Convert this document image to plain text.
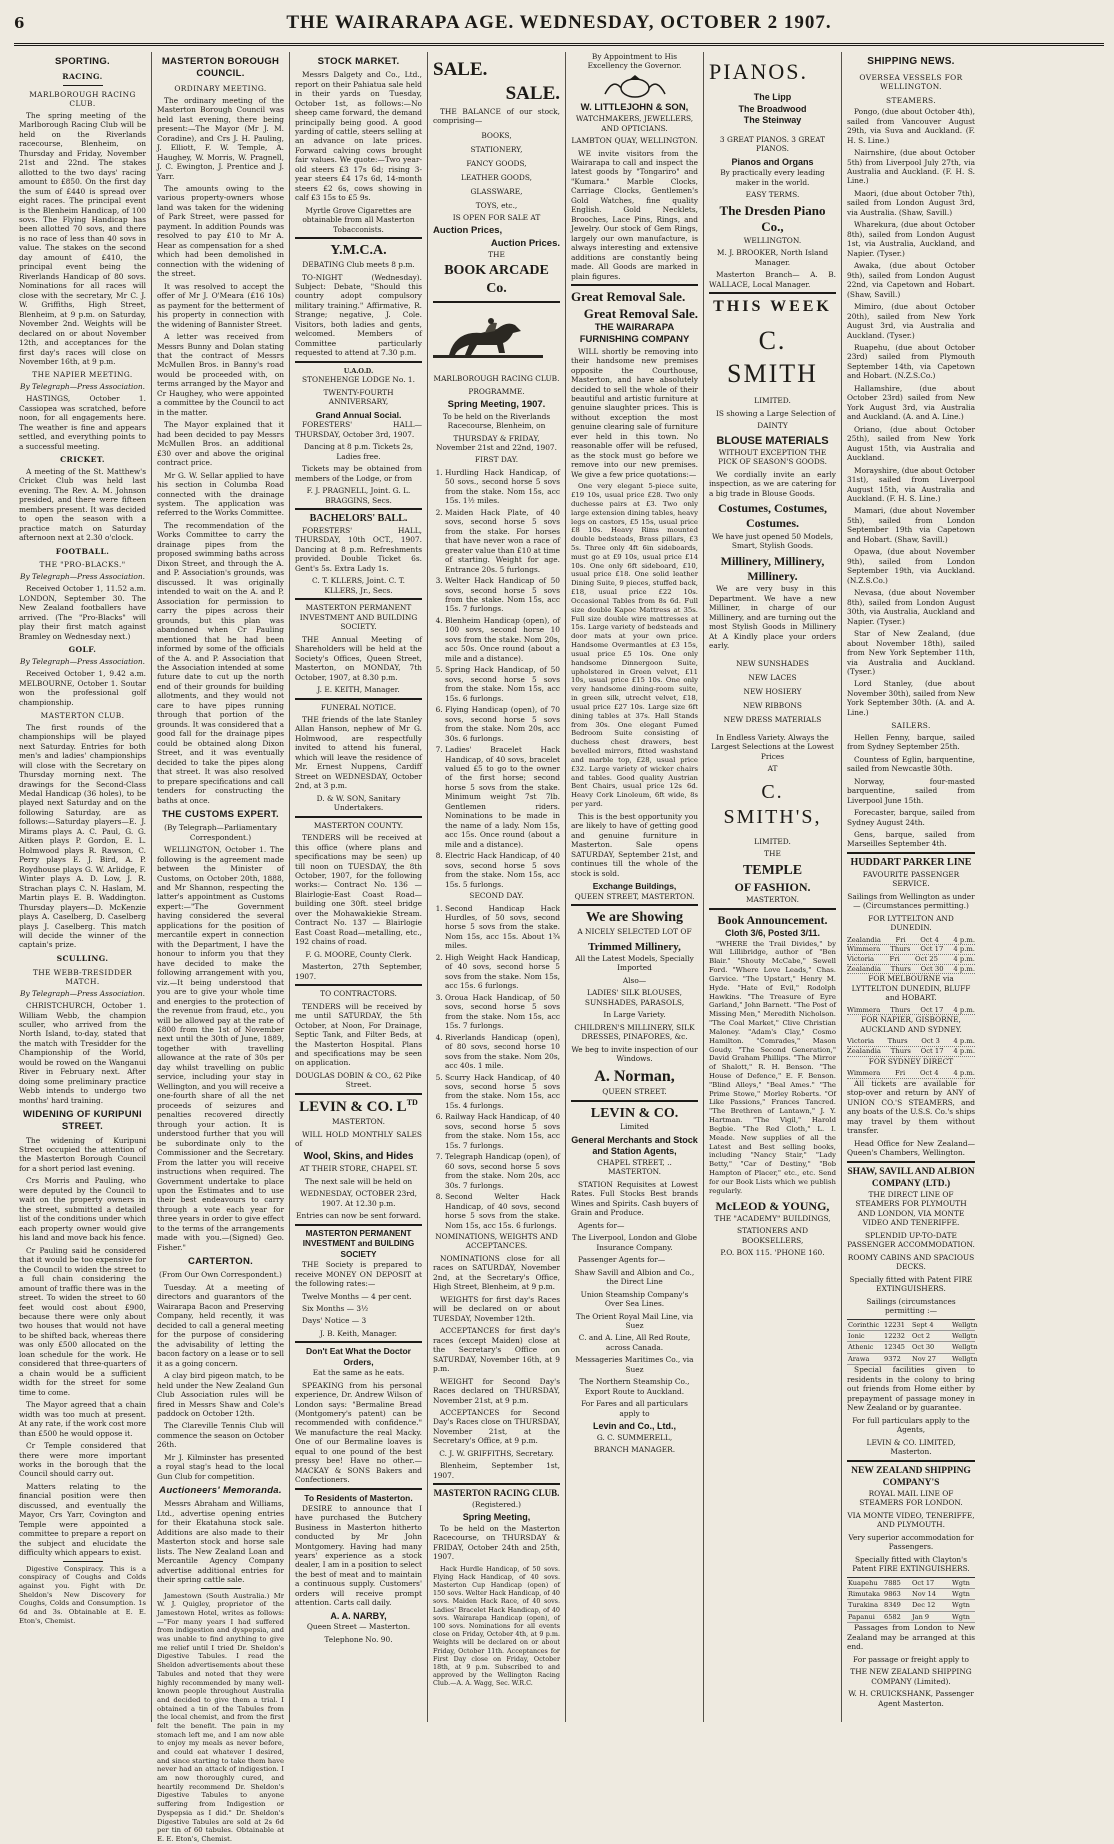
6	THE WAIRARAPA AGE. WEDNESDAY, OCTOBER 2 1907.
SPORTING.
RACING.
MARLBOROUGH RACING CLUB.

The spring meeting of the Marlborough Racing Club will be held on the Riverlands racecourse, Blenheim, on Thursday and Friday, November 21st and 22nd. The stakes allotted to the two days' racing amount to £850. On the first day the sum of £440 is spread over eight races. The principal event is the Blenheim Handicap, of 100 sovs. The Flying Handicap has been allotted 70 sovs, and there is no race of less than 40 sovs in value. The stakes on the second day amount of £410, the principal event being the Riverlands Handicap of 80 sovs. Nominations for all races will close with the secretary, Mr C. J. W. Griffiths, High Street, Blenheim, at 9 p.m. on Saturday, November 2nd. Weights will be declared on or about November 12th, and acceptances for the first day's races will close on November 16th, at 9 p.m.

THE NAPIER MEETING.

By Telegraph—Press Association.

HASTINGS, October 1. Cassiopea was scratched, before noon, for all engagements here. The weather is fine and appears settled, and everything points to a successful meeting.

CRICKET.

A meeting of the St. Matthew's Cricket Club was held last evening. The Rev. A. M. Johnson presided, and there were fifteen members present. It was decided to open the season with a practice match on Saturday afternoon next at 2.30 o'clock.

FOOTBALL.
THE "PRO-BLACKS."

By Telegraph—Press Association.

Received October 1, 11.52 a.m. LONDON, September 30. The New Zealand footballers have arrived. (The "Pro-Blacks" will play their first match against Bramley on Wednesday next.)

GOLF.

By Telegraph—Press Association.

Received October 1, 9.42 a.m. MELBOURNE, October 1. Soutar won the professional golf championship.

MASTERTON CLUB.

The first rounds of the championships will be played next Saturday. Entries for both men's and ladies' championships will close with the Secretary on Thursday morning next. The drawings for the Second-Class Medal Handicap (36 holes), to be played next Saturday and on the following Saturday, are as follows:—Saturday players—E. J. Mirams plays A. C. Paul, G. G. Aitken plays P. Gordon, E. L. Holmwood plays R. Rawson, C. Perry plays E. J. Bird, A. P. Roydhouse plays G. W. Arlidge, F. Winter plays A. D. Low, J. R. Strachan plays C. N. Haslam, M. Martin plays E. B. Waddington. Thursday players—D. McKenzie plays A. Caselberg, D. Caselberg plays J. Caselberg. This match will decide the winner of the captain's prize.

SCULLING.
THE WEBB-TRESIDDER MATCH.

By Telegraph—Press Association.

CHRISTCHURCH, October 1. William Webb, the champion sculler, who arrived from the North Island, to-day, stated that the match with Tresidder for the Championship of the World, would be rowed on the Wanganui River in February next. After doing some preliminary practice Webb intends to undergo two months' hard training.

WIDENING OF KURIPUNI STREET.

The widening of Kuripuni Street occupied the attention of the Masterton Borough Council for a short period last evening.

Crs Morris and Pauling, who were deputed by the Council to wait on the property owners in the street, submitted a detailed list of the conditions under which each property owner would give his land and move back his fence.

Cr Pauling said he considered that it would be too expensive for the Council to widen the street to a full chain considering the amount of traffic there was in the street. To widen the street to 60 feet would cost about £900, because there were only about two houses that would not have to be shifted back, whereas there was only £500 allocated on the loan schedule for the work. He considered that three-quarters of a chain would be a sufficient width for the street for some time to come.

The Mayor agreed that a chain width was too much at present. At any rate, if the work cost more than £500 he would oppose it.

Cr Temple considered that there were more important works in the borough that the Council should carry out.

Matters relating to the financial position were then discussed, and eventually the Mayor, Crs Yarr, Covington and Temple were appointed a committee to prepare a report on the subject and elucidate the difficulty which appears to exist.

Digestive Conspiracy. This is a conspiracy of Coughs and Colds against you. Fight with Dr. Sheldon's New Discovery for Coughs, Colds and Consumption. 1s 6d and 3s. Obtainable at E. E. Eton's, Chemist.

MASTERTON BOROUGH COUNCIL.
ORDINARY MEETING.

The ordinary meeting of the Masterton Borough Council was held last evening, there being present:—The Mayor (Mr J. M. Coradine), and Crs J. H. Pauling, J. Elliott, F. W. Temple, A. Haughey, W. Morris, W. Pragnell, J. C. Ewington, J. Prentice and J. Yarr.

The amounts owing to the various property-owners whose land was taken for the widening of Park Street, were passed for payment. In addition Pounds was resolved to pay £10 to Mr A. Hear as compensation for a shed which had been demolished in connection with the widening of the street.

It was resolved to accept the offer of Mr J. O'Meara (£16 10s) as payment for the betterment of his property in connection with the widening of Bannister Street.

A letter was received from Messrs Bunny and Dolan stating that the contract of Messrs McMullen Bros. in Banny's road would be proceeded with, on terms arranged by the Mayor and Cr Haughey, who were appointed a committee by the Council to act in the matter.

The Mayor explained that it had been decided to pay Messrs McMullen Bros. an additional £30 over and above the original contract price.

Mr G. W. Sellar applied to have his section in Columba Road connected with the drainage system. The application was referred to the Works Committee.

The recommendation of the Works Committee to carry the drainage pipes from the proposed swimming baths across Dixon Street, and through the A. and P. Association's grounds, was discussed. It was originally intended to wait on the A. and P. Association for permission to carry the pipes across their grounds, but this plan was abandoned when Cr Pauling mentioned that he had been informed by some of the officials of the A. and P. Association that the Association intended at some future date to cut up the north end of their grounds for building allotments, and they would not care to have pipes running through that portion of the grounds. It was considered that a good fall for the drainage pipes could be obtained along Dixon Street, and it was eventually decided to take the pipes along that street. It was also resolved to prepare specifications and call tenders for constructing the baths at once.

THE CUSTOMS EXPERT.

(By Telegraph—Parliamentary Correspondent.)

WELLINGTON, October 1. The following is the agreement made between the Minister of Customs, on October 20th, 1888, and Mr Shannon, respecting the latter's appointment as Customs expert:—"The Government having considered the several applications for the position of mercantile expert in connection with the Department, I have the honour to inform you that they have decided to make the following arrangement with you, viz.—It being understood that you are to give your whole time and energies to the protection of the revenue from fraud, etc., you will be allowed pay at the rate of £800 from the 1st of November next until the 30th of June, 1889, together with travelling allowance at the rate of 30s per day whilst travelling on public service, including your stay in Wellington, and you will receive a one-fourth share of all the net proceeds of seizures and penalties recovered directly through your action. It is understood further that you will be subordinate only to the Commissioner and the Secretary. From the latter you will receive instructions when required. The Government undertake to place upon the Estimates and to use their best endeavours to carry through a vote each year for three years in order to give effect to the terms of the arrangements made with you.—(Signed) Geo. Fisher."

CARTERTON.

(From Our Own Correspondent.)

Tuesday. At a meeting of directors and guarantors of the Wairarapa Bacon and Preserving Company, held recently, it was decided to call a general meeting for the purpose of considering the advisability of letting the bacon factory on a lease or to sell it as a going concern.

A clay bird pigeon match, to be held under the New Zealand Gun Club Association rules will be fired in Messrs Shaw and Cole's paddock on October 12th.

The Clareville Tennis Club will commence the season on October 26th.

Mr J. Kilminster has presented a royal stag's head to the local Gun Club for competition.

Auctioneers' Memoranda.

Messrs Abraham and Williams, Ltd., advertise opening entries for their Ekatahuna stock sale. Additions are also made to their Masterton stock and horse sale lists. The New Zealand Loan and Mercantile Agency Company advertise additional entries for their spring cattle sale.

Jamestown (South Australia.) Mr W. J. Quigley, proprietor of the Jamestown Hotel, writes as follows:—"For many years I had suffered from indigestion and dyspepsia, and was unable to find anything to give me relief until I tried Dr. Sheldon's Digestive Tabules. I read the Sheldon advertisements about these Tabules and noted that they were highly recommended by many well-known people throughout Australia and decided to give them a trial. I obtained a tin of the Tabules from the local chemist, and from the first felt the benefit. The pain in my stomach left me, and I am now able to enjoy my meals as never before, and could eat whatever I desired, and since starting to take them have never had an attack of indigestion. I am now thoroughly cured, and heartily recommend Dr. Sheldon's Digestive Tabules to anyone suffering from Indigestion or Dyspepsia as I did." Dr. Sheldon's Digestive Tabules are sold at 2s 6d per tin of 60 tabules. Obtainable at E. E. Eton's, Chemist.

STOCK MARKET.

Messrs Dalgety and Co., Ltd., report on their Pahiatua sale held in their yards on Tuesday, October 1st, as follows:—No sheep came forward, the demand principally being good. A good yarding of cattle, steers selling at an advance on late prices. Forward calving cows brought fair values. We quote:—Two year-old steers £3 17s 6d; rising 3-year steers £4 17s 6d, 14-month steers £2 6s, cows showing in calf £3 15s to £5 9s.

Myrtle Grove Cigarettes are obtainable from all Masterton Tobacconists.

Y.M.C.A.

DEBATING Club meets 8 p.m.

TO-NIGHT (Wednesday). Subject: Debate, "Should this country adopt compulsory military training." Affirmative, R. Strange; negative, J. Cole. Visitors, both ladies and gents, welcomed. Members of Committee particularly requested to attend at 7.30 p.m.

U.A.O.D.

STONEHENGE LODGE No. 1.

TWENTY-FOURTH ANNIVERSARY,

Grand Annual Social.

FORESTERS' HALL—THURSDAY, October 3rd, 1907.

Dancing at 8 p.m. Tickets 2s, Ladies free.

Tickets may be obtained from members of the Lodge, or from

F. J. PRAGNELL, Joint. G. L. BRAGGINS, Secs.

BACHELORS' BALL.

FORESTERS' HALL, THURSDAY, 10th OCT., 1907. Dancing at 8 p.m. Refreshments provided. Double Ticket 6s. Gent's 5s. Extra Lady 1s.

C. T. KLLERS, Joint. C. T. KLLERS, Jr., Secs.

MASTERTON PERMANENT INVESTMENT AND BUILDING SOCIETY.

THE Annual Meeting of Shareholders will be held at the Society's Offices, Queen Street, Masterton, on MONDAY, 7th October, 1907, at 8.30 p.m.

J. E. KEITH, Manager.

FUNERAL NOTICE.

THE friends of the late Stanley Allan Hanson, nephew of Mr G. Holmwood, are respectfully invited to attend his funeral, which will leave the residence of Mr. Ernest Nuppens, Cardiff Street on WEDNESDAY, October 2nd, at 3 p.m.

D. & W. SON, Sanitary Undertakers.

MASTERTON COUNTY.

TENDERS will be received at this office (where plans and specifications may be seen) up till noon on TUESDAY, the 8th October, 1907, for the following works:— Contract No. 136 — Blairlogie-East Coast Road—building one 30ft. steel bridge over the Mohawakiekie Stream. Contract No. 137 — Blairlogie East Coast Road—metalling, etc., 192 chains of road.

F. G. MOORE, County Clerk.

Masterton, 27th September, 1907.

TO CONTRACTORS.

TENDERS will be received by me until SATURDAY, the 5th October, at Noon, For Drainage, Septic Tank, and Filter Beds, at the Masterton Hospital. Plans and specifications may be seen on application.

DOUGLAS DOBIN & CO., 62 Pike Street.

LEVIN & CO. $L^{TD}$

MASTERTON.

WILL HOLD MONTHLY SALES of

Wool, Skins, and Hides

AT THEIR STORE, CHAPEL ST.

The next sale will be held on

WEDNESDAY, OCTOBER 23rd, 1907. At 12.30 p.m.

Entries can now be sent forward.

MASTERTON PERMANENT INVESTMENT and BUILDING SOCIETY

THE Society is prepared to receive MONEY ON DEPOSIT at the following rates:—

Twelve Months — 4 per cent.

Six Months — 3½

Days' Notice — 3

J. B. Keith, Manager.

Don't Eat What the Doctor Orders,

Eat the same as he eats.

SPEAKING from his personal experience, Dr. Andrew Wilson of London says: "Bermaline Bread (Montgomery's patent) can be recommended with confidence." We manufacture the real Macky. One of our Bermaline loaves is equal to one pound of the best pressy bee! Have no other.—MACKAY & SONS Bakers and Confectioners.

To Residents of Masterton.

DESIRE to announce that I have purchased the Butchery Business in Masterton hitherto conducted by Mr John Montgomery. Having had many years' experience as a stock dealer, I am in a position to select the best of meat and to maintain a continuous supply. Customers' orders will receive prompt attention. Carts call daily.

A. A. NARBY,

Queen Street — Masterton.

Telephone No. 90.

SALE.
SALE.

THE BALANCE of our stock, comprising—

BOOKS,
STATIONERY,
FANCY GOODS,
LEATHER GOODS,
GLASSWARE,
TOYS, etc.,

IS OPEN FOR SALE AT

Auction Prices,
Auction Prices.

THE

BOOK ARCADE Co.

MARLBOROUGH RACING CLUB.

PROGRAMME.

Spring Meeting, 1907.

To be held on the Riverlands Racecourse, Blenheim, on

THURSDAY & FRIDAY, November 21st and 22nd, 1907.

FIRST DAY.

1. Hurdling Hack Handicap, of 50 sovs., second horse 5 sovs from the stake. Nom 15s, acc 15s. 1½ miles.
2. Maiden Hack Plate, of 40 sovs, second horse 5 sovs from the stake. For horses that have never won a race of greater value than £10 at time of starting. Weight for age. Entrance 20s. 5 furlongs.
3. Welter Hack Handicap of 50 sovs, second horse 5 sovs from the stake. Nom 15s, acc 15s. 7 furlongs.
4. Blenheim Handicap (open), of 100 sovs, second horse 10 sovs from the stake. Nom 20s, acc 50s. Once round (about a mile and a distance).
5. Spring Hack Handicap, of 50 sovs, second horse 5 sovs from the stake. Nom 15s, acc 15s. 6 furlongs.
6. Flying Handicap (open), of 70 sovs, second horse 5 sovs from the stake. Nom 20s, acc 30s. 6 furlongs.
7. Ladies' Bracelet Hack Handicap, of 40 sovs, bracelet valued £5 to go to the owner of the first horse; second horse 5 sovs from the stake. Minimum weight 7st 7lb. Gentlemen riders. Nominations to be made in the name of a lady. Nom 15s, acc 15s. Once round (about a mile and a distance).
8. Electric Hack Handicap, of 40 sovs, second horse 5 sovs from the stake. Nom 15s, acc 15s. 5 furlongs.

SECOND DAY.

1. Second Handicap Hack Hurdles, of 50 sovs, second horse 5 sovs from the stake. Nom 15s, acc 15s. About 1¾ miles.
2. High Weight Hack Handicap, of 40 sovs, second horse 5 sovs from the stake. Nom 15s, acc 15s. 6 furlongs.
3. Oroua Hack Handicap, of 50 sovs, second horse 5 sovs from the stake. Nom 15s, acc 15s. 7 furlongs.
4. Riverlands Handicap (open), of 80 sovs, second horse 10 sovs from the stake. Nom 20s, acc 40s. 1 mile.
5. Scurry Hack Handicap, of 40 sovs, second horse 5 sovs from the stake. Nom 15s, acc 15s. 4 furlongs.
6. Railway Hack Handicap, of 40 sovs, second horse 5 sovs from the stake. Nom 15s, acc 15s. 7 furlongs.
7. Telegraph Handicap (open), of 60 sovs, second horse 5 sovs from the stake. Nom 20s, acc 30s. 7 furlongs.
8. Second Welter Hack Handicap, of 40 sovs, second horse 5 sovs from the stake. Nom 15s, acc 15s. 6 furlongs.

NOMINATIONS, WEIGHTS AND ACCEPTANCES.

NOMINATIONS close for all races on SATURDAY, November 2nd, at the Secretary's Office, High Street, Blenheim, at 9 p.m.

WEIGHTS for first day's Races will be declared on or about TUESDAY, November 12th.

ACCEPTANCES for first day's races (except Maiden) close at the Secretary's Office on SATURDAY, November 16th, at 9 p.m.

WEIGHT for Second Day's Races declared on THURSDAY, November 21st, at 9 p.m.

ACCEPTANCES for Second Day's Races close on THURSDAY, November 21st, at the Secretary's Office, at 9 p.m.

C. J. W. GRIFFITHS, Secretary.

Blenheim, September 1st, 1907.

MASTERTON RACING CLUB.

(Registered.)

Spring Meeting,

To be held on the Masterton Racecourse, on THURSDAY & FRIDAY, October 24th and 25th, 1907.

Hack Hurdle Handicap, of 50 sovs. Flying Hack Handicap, of 40 sovs. Masterton Cup Handicap (open) of 150 sovs. Welter Hack Handicap, of 40 sovs. Maiden Hack Race, of 40 sovs. Ladies' Bracelet Hack Handicap, of 40 sovs. Wairarapa Handicap (open), of 100 sovs. Nominations for all events close on Friday, October 4th, at 9 p.m. Weights will be declared on or about Friday, October 11th. Acceptances for First Day close on Friday, October 18th, at 9 p.m. Subscribed to and approved by the Wellington Racing Club.—A. A. Wagg, Sec. W.R.C.

By Appointment to His Excellency the Governor.

W. LITTLEJOHN & SON,

WATCHMAKERS, JEWELLERS, AND OPTICIANS.

LAMBTON QUAY, WELLINGTON.

WE invite visitors from the Wairarapa to call and inspect the latest goods by "Tongariro" and "Kumara." Marble Clocks, Carriage Clocks, Gentlemen's Gold Watches, fine quality English. Gold Necklets, Brooches, Lace Pins, Rings, and Jewelry. Our stock of Gem Rings, largely our own manufacture, is always interesting and extensive additions are constantly being made. All Goods are marked in plain figures.

Great Removal Sale.
Great Removal Sale.
THE WAIRARAPA FURNISHING COMPANY

WILL shortly be removing into their handsome new premises opposite the Courthouse, Masterton, and have absolutely decided to sell the whole of their beautiful and artistic furniture at genuine slaughter prices. This is without exception the most genuine clearing sale of furniture ever held in this town. No reasonable offer will be refused, as the stock must go before we remove into our new premises. We give a few price quotations:—

One very elegant 5-piece suite, £19 10s, usual price £28. Two only duchesse pairs at £3. Two only large extension dining tables, heavy legs on castors, £5 15s, usual price £8 10s. Heavy Rims mounted double bedsteads, Brass pillars, £3 5s. Three only 4ft 6in sideboards, must go at £9 10s, usual price £14 10s. One only 6ft sideboard, £10, usual price £18. One solid leather Dining Suite, 9 pieces, stuffed back, £18, usual price £22 10s. Occasional Tables from 8s 6d. Full size double Kapoc Mattress at 35s. Full size double wire mattresses at 15s. Large variety of bedsteads and door mats at your own price. Handsome Overmantles at £3 15s, usual price £5 10s. One only handsome Dinnergoon Suite, upholstered in Green velvet, £11 10s, usual price £15 10s. One only very handsome dining-room suite, in green silk, utrecht velvet, £18, usual price £27 10s. Large size 6ft dining tables at 37s. Hall Stands from 30s. One elegant Fumed Bedroom Suite consisting of duchess chest drawers, best bevelled mirrors, fitted washstand and marble top, £28, usual price £32. Large variety of wicker chairs and tables. Good quality Austrian Bent Chairs, usual price 12s 6d. Heavy Cork Linoleum, 6ft wide, 8s per yard.

This is the best opportunity you are likely to have of getting good and genuine furniture in Masterton. Sale opens SATURDAY, September 21st, and continues till the whole of the stock is sold.

Exchange Buildings,

QUEEN STREET, MASTERTON.

We are Showing

A NICELY SELECTED LOT OF

Trimmed Millinery,

All the Latest Models, Specially Imported

Also—

LADIES' SILK BLOUSES, SUNSHADES, PARASOLS,

In Large Variety.

CHILDREN'S MILLINERY, SILK DRESSES, PINAFORES, &c.

We beg to invite inspection of our Windows.

A. Norman,

QUEEN STREET.

LEVIN & CO.

Limited

General Merchants and Stock and Station Agents,

CHAPEL STREET, .. MASTERTON.

STATION Requisites at Lowest Rates. Full Stocks Best brands Wines and Spirits. Cash buyers of Grain and Produce.

Agents for—

The Liverpool, London and Globe Insurance Company.

Passenger Agents for—

Shaw Savill and Albion and Co., the Direct Line

Union Steamship Company's Over Sea Lines.

The Orient Royal Mail Line, via Suez

C. and A. Line, All Red Route, across Canada.

Messageries Maritimes Co., via Suez

The Northern Steamship Co., Export Route to Auckland.

For Fares and all particulars apply to

Levin and Co., Ltd.,

G. C. SUMMERELL,

BRANCH MANAGER.

PIANOS.
The Lipp
The Broadwood
The Steinway

3 GREAT PIANOS. 3 GREAT PIANOS.

Pianos and Organs

By practically every leading maker in the world.

EASY TERMS.

The Dresden Piano Co.,

WELLINGTON.

M. J. BROOKER, North Island Manager.

Masterton Branch— A. B. WALLACE, Local Manager.

THIS WEEK
C. SMITH

LIMITED.

IS showing a Large Selection of

DAINTY

BLOUSE MATERIALS

WITHOUT EXCEPTION THE PICK OF SEASON'S GOODS.

We cordially invite an early inspection, as we are catering for a big trade in Blouse Goods.

Costumes, Costumes, Costumes.

We have just opened 50 Models, Smart, Stylish Goods.

Millinery, Millinery, Millinery.

We are very busy in this Department. We have a new Milliner, in charge of our Millinery, and are turning out the most Stylish Goods in Millinery At A Kindly place your orders early.

NEW SUNSHADES
NEW LACES
NEW HOSIERY
NEW RIBBONS
NEW DRESS MATERIALS

In Endless Variety. Always the Largest Selections at the Lowest Prices

AT

C. SMITH'S,

LIMITED.

THE

TEMPLE
OF FASHION.

MASTERTON.

Book Announcement.
Cloth 3/6, Posted 3/11.

"WHERE the Trail Divides," by Will Lillibridge, author of "Ben Blair." "Shouty McCabe," Sewell Ford. "Where Love Leads," Chas. Garvice. "The Upstart," Henry M. Hyde. "Hate of Evil," Rodolph Hawkins. "The Treasure of Eyre Garland," John Barnett. "The Post of Missing Men," Meredith Nicholson. "The Coal Market," Clive Christian Maloney. "Adam's Clay," Cosmo Hamilton. "Comrades," Mason Goudy. "The Second Generation," David Graham Phillips. "The Mirror of Shalott," R. H. Benson. "The House of Defence," E. F. Benson. "Blind Alleys," "Beal Ames." "The Prime Stowe," Morley Roberts. "Of Like Passions," Frances Tancred. "The Brethren of Lantawn," J. Y. Hartman. "The Vigil," Harold Begbie. "The Red Cloth," L. I. Meade. New supplies of all the Latest and Best selling books, including "Nancy Stair," "Lady Betty," "Car of Destiny," "Bob Hampton of Placer," etc., etc. Send for our Book Lists which we publish regularly.

McLEOD & YOUNG,

THE "ACADEMY" BUILDINGS,

STATIONERS AND BOOKSELLERS,

P.O. BOX 115. 'PHONE 160.

SHIPPING NEWS.
OVERSEA VESSELS FOR WELLINGTON.
STEAMERS.

Pongo, (due about October 4th), sailed from Vancouver August 29th, via Suva and Auckland. (F. H. S. Line.)

Nairnshire, (due about October 5th) from Liverpool July 27th, via Australia and Auckland. (F. H. S. Line.)

Maori, (due about October 7th), sailed from London August 3rd, via Australia. (Shaw, Savill.)

Wharekura, (due about October 8th), sailed from London August 1st, via Australia, Auckland, and Napier. (Tyser.)

Awaka, (due about October 9th), sailed from London August 22nd, via Capetown and Hobart. (Shaw, Savill.)

Mimiro, (due about October 20th), sailed from New York August 3rd, via Australia and Auckland. (Tyser.)

Ruapehu, (due about October 23rd) sailed from Plymouth September 14th, via Capetown and Hobart. (N.Z.S.Co.)

Hallamshire, (due about October 23rd) sailed from New York August 3rd, via Australia and Auckland. (A. and A. Line.)

Oriano, (due about October 25th), sailed from New York August 15th, via Australia and Auckland.

Morayshire, (due about October 31st), sailed from Liverpool August 15th, via Australia and Auckland. (F. H. S. Line.)

Mamari, (due about November 5th), sailed from London September 19th via Capetown and Hobart. (Shaw, Savill.)

Opawa, (due about November 9th), sailed from London September 19th, via Auckland. (N.Z.S.Co.)

Nevasa, (due about November 8th), sailed from London August 30th, via Australia, Auckland and Napier. (Tyser.)

Star of New Zealand, (due about November 18th), sailed from New York September 11th, via Australia and Auckland. (Tyser.)

Lord Stanley, (due about November 30th), sailed from New York September 30th. (A. and A. Line.)

SAILERS.

Hellen Fenny, barque, sailed from Sydney September 25th.

Countess of Eglin, barquentine, sailed from Newcastle 30th.

Norway, four-masted barquentine, sailed from Liverpool June 15th.

Forecaster, barque, sailed from Sydney August 24th.

Gens, barque, sailed from Marseilles September 4th.

HUDDART PARKER LINE

FAVOURITE PASSENGER SERVICE.

Sailings from Wellington as under — (Circumstances permitting.)

FOR LYTTELTON AND DUNEDIN.

Zealandia Fri Oct 4 4 p.m.
Wimmera Thurs Oct 17 4 p.m.
Victoria Fri Oct 25 4 p.m.
Zealandia Thurs Oct 30 4 p.m.

FOR MELBOURNE via LYTTELTON DUNEDIN, BLUFF and HOBART.

Wimmera Thurs Oct 17 4 p.m.

FOR NAPIER, GISBORNE, AUCKLAND AND SYDNEY.

Victoria Thurs Oct 3 4 p.m.
Zealandia Thurs Oct 17 4 p.m.

FOR SYDNEY DIRECT

Wimmera Fri Oct 4 4 p.m.

All tickets are available for stop-over and return by ANY of UNION CO.'S STEAMERS, and any boats of the U.S.S. Co.'s ships may travel by them without transfer.

Head Office for New Zealand—Queen's Chambers, Wellington.

SHAW, SAVILL AND ALBION COMPANY (LTD.)

THE DIRECT LINE OF STEAMERS FOR PLYMOUTH AND LONDON, VIA MONTE VIDEO AND TENERIFFE.

SPLENDID UP-TO-DATE PASSENGER ACCOMMODATION.

ROOMY CABINS AND SPACIOUS DECKS.

Specially fitted with Patent FIRE EXTINGUISHERS.

Sailings (circumstances permitting :—

Corinthic 12231	Sept 4	Wellgtn
Ionic	12232	Oct 2	Wellgtn
Athenic	12345	Oct 30	Wellgtn
Arawa	9372	Nov 27	Wellgtn

Special facilities given to residents in the colony to bring out friends from Home either by prepayment of passage money in New Zealand or by guarantee.

For full particulars apply to the Agents,

LEVIN & CO. LIMITED, Masterton.

NEW ZEALAND SHIPPING COMPANY'S

ROYAL MAIL LINE OF STEAMERS FOR LONDON.

VIA MONTE VIDEO, TENERIFFE, AND PLYMOUTH.

Very superior accommodation for Passengers.

Specially fitted with Clayton's Patent FIRE EXTINGUISHERS.

Kuapehu 7885	Oct 17	Wgtn
Rimutaka 9863	Nov 14	Wgtn
Turakina 8349	Dec 12	Wgtn
Papanui	6582	Jan 9	Wgtn

Passages from London to New Zealand may be arranged at this end.

For passage or freight apply to

THE NEW ZEALAND SHIPPING COMPANY (Limited).

W. H. CRUICKSHANK, Passenger Agent Masterton.
